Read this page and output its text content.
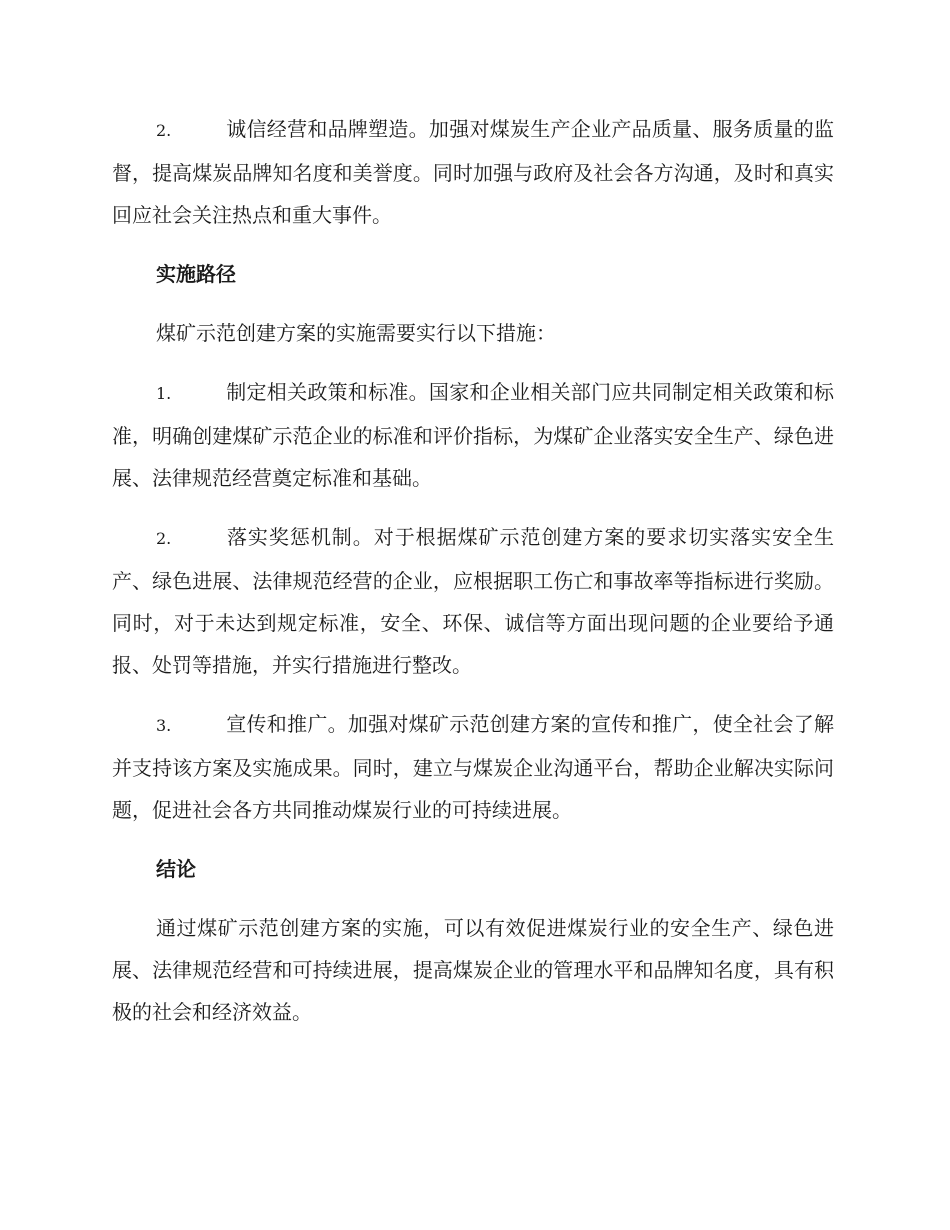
2.	诚信经营和品牌塑造。加强对煤炭生产企业产品质量、服务质量的监督，提高煤炭品牌知名度和美誉度。同时加强与政府及社会各方沟通，及时和真实回应社会关注热点和重大事件。

实施路径

煤矿示范创建方案的实施需要实行以下措施：

1.	制定相关政策和标准。国家和企业相关部门应共同制定相关政策和标准，明确创建煤矿示范企业的标准和评价指标，为煤矿企业落实安全生产、绿色进展、法律规范经营奠定标准和基础。

2.	落实奖惩机制。对于根据煤矿示范创建方案的要求切实落实安全生产、绿色进展、法律规范经营的企业，应根据职工伤亡和事故率等指标进行奖励。同时，对于未达到规定标准，安全、环保、诚信等方面出现问题的企业要给予通报、处罚等措施，并实行措施进行整改。

3.	宣传和推广。加强对煤矿示范创建方案的宣传和推广，使全社会了解并支持该方案及实施成果。同时，建立与煤炭企业沟通平台，帮助企业解决实际问题，促进社会各方共同推动煤炭行业的可持续进展。

结论

通过煤矿示范创建方案的实施，可以有效促进煤炭行业的安全生产、绿色进展、法律规范经营和可持续进展，提高煤炭企业的管理水平和品牌知名度，具有积极的社会和经济效益。
